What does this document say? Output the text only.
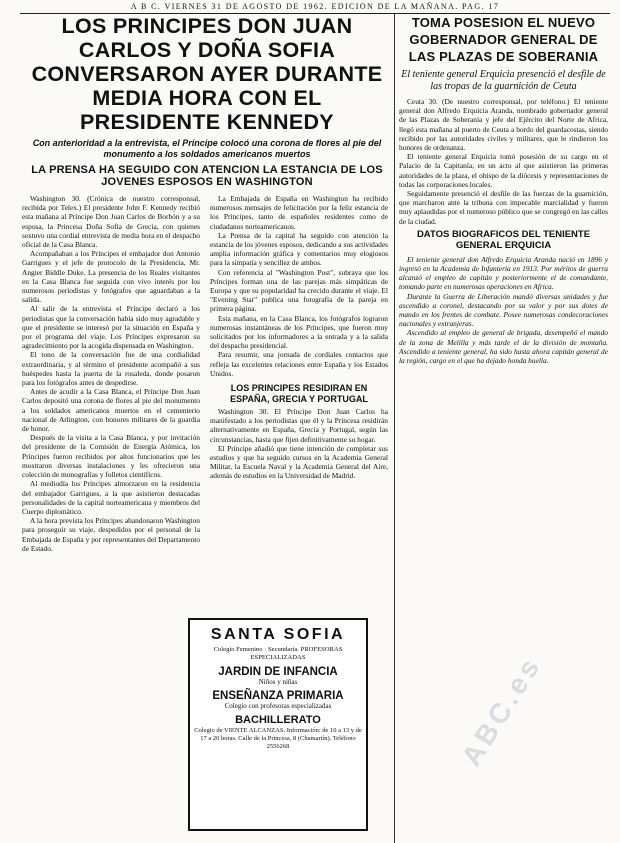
A B C. VIERNES 31 DE AGOSTO DE 1962. EDICION DE LA MAÑANA. PAG. 17
LOS PRINCIPES DON JUAN CARLOS Y DOÑA SOFIA CONVERSARON AYER DURANTE MEDIA HORA CON EL PRESIDENTE KENNEDY
Con anterioridad a la entrevista, el Príncipe colocó una corona de flores al pie del monumento a los soldados americanos muertos
LA PRENSA HA SEGUIDO CON ATENCION LA ESTANCIA DE LOS JOVENES ESPOSOS EN WASHINGTON

Washington 30. (Crónica de nuestro corresponsal, recibida por Telex.) El presidente John F. Kennedy recibió esta mañana al Príncipe Don Juan Carlos de Borbón y a su esposa, la Princesa Doña Sofía de Grecia, con quienes sostuvo una cordial entrevista de media hora en el despacho oficial de la Casa Blanca.

Acompañaban a los Príncipes el embajador don Antonio Garrigues y el jefe de protocolo de la Presidencia, Mr. Angier Biddle Duke. La presencia de los Reales visitantes en la Casa Blanca fue seguida con vivo interés por los numerosos periodistas y fotógrafos que aguardaban a la salida.

Al salir de la entrevista el Príncipe declaró a los periodistas que la conversación había sido muy agradable y que el presidente se interesó por la situación en España y por el programa del viaje. Los Príncipes expresaron su agradecimiento por la acogida dispensada en Washington.

El tono de la conversación fue de una cordialidad extraordinaria, y al término el presidente acompañó a sus huéspedes hasta la puerta de la rosaleda, donde posaron para los fotógrafos antes de despedirse.

Antes de acudir a la Casa Blanca, el Príncipe Don Juan Carlos depositó una corona de flores al pie del monumento a los soldados americanos muertos en el cementerio nacional de Arlington, con honores militares de la guardia de honor.

Después de la visita a la Casa Blanca, y por invitación del presidente de la Comisión de Energía Atómica, los Príncipes fueron recibidos por altos funcionarios que les mostraron diversas instalaciones y les ofrecieron una colección de monografías y folletos científicos.

Al mediodía los Príncipes almorzaron en la residencia del embajador Garrigues, a la que asistieron destacadas personalidades de la capital norteamericana y miembros del Cuerpo diplomático.

A la hora prevista los Príncipes abandonaron Washington para proseguir su viaje, despedidos por el personal de la Embajada de España y por representantes del Departamento de Estado.

La Embajada de España en Washington ha recibido numerosos mensajes de felicitación por la feliz estancia de los Príncipes, tanto de españoles residentes como de ciudadanos norteamericanos.

La Prensa de la capital ha seguido con atención la estancia de los jóvenes esposos, dedicando a sus actividades amplia información gráfica y comentarios muy elogiosos para la simpatía y sencillez de ambos.

Con referencia al "Washington Post", subraya que los Príncipes forman una de las parejas más simpáticas de Europa y que su popularidad ha crecido durante el viaje. El "Evening Star" publica una fotografía de la pareja en primera página.

Esta mañana, en la Casa Blanca, los fotógrafos lograron numerosas instantáneas de los Príncipes, que fueron muy solicitados por los informadores a la entrada y a la salida del despacho presidencial.

Para resumir, una jornada de cordiales contactos que refleja las excelentes relaciones entre España y los Estados Unidos.

LOS PRINCIPES RESIDIRAN EN ESPAÑA, GRECIA Y PORTUGAL

Washington 30. El Príncipe Don Juan Carlos ha manifestado a los periodistas que él y la Princesa residirán alternativamente en España, Grecia y Portugal, según las circunstancias, hasta que fijen definitivamente su hogar.

El Príncipe añadió que tiene intención de completar sus estudios y que ha seguido cursos en la Academia General Militar, la Escuela Naval y la Academia General del Aire, además de estudios en la Universidad de Madrid.

SANTA SOFIA
Colegio Femenino · Secundaria. PROFESORAS ESPECIALIZADAS
JARDIN DE INFANCIA
Niños y niñas
ENSEÑANZA PRIMARIA
Colegio con profesoras especializadas
BACHILLERATO
Colegio de VIENTE ALCANZAS. Información: de 10 a 13 y de 17 a 20 horas. Calle de la Princesa, 8 (Chamartín). Teléfono 2556268
TOMA POSESION EL NUEVO GOBERNADOR GENERAL DE LAS PLAZAS DE SOBERANIA
El teniente general Erquicia presenció el desfile de las tropas de la guarnición de Ceuta

Ceuta 30. (De nuestro corresponsal, por teléfono.) El teniente general don Alfredo Erquicia Aranda, nombrado gobernador general de las Plazas de Soberanía y jefe del Ejército del Norte de Africa, llegó esta mañana al puerto de Ceuta a bordo del guardacostas, siendo recibido por las autoridades civiles y militares, que le rindieron los honores de ordenanza.

El teniente general Erquicia tomó posesión de su cargo en el Palacio de la Capitanía, en un acto al que asistieron las primeras autoridades de la plaza, el obispo de la diócesis y representaciones de todas las corporaciones locales.

Seguidamente presenció el desfile de las fuerzas de la guarnición, que marcharon ante la tribuna con impecable marcialidad y fueron muy aplaudidas por el numeroso público que se congregó en las calles de la ciudad.

DATOS BIOGRAFICOS DEL TENIENTE GENERAL ERQUICIA

El teniente general don Alfredo Erquicia Aranda nació en 1896 y ingresó en la Academia de Infantería en 1913. Por méritos de guerra alcanzó el empleo de capitán y posteriormente el de comandante, tomando parte en numerosas operaciones en Africa.

Durante la Guerra de Liberación mandó diversas unidades y fue ascendido a coronel, destacando por su valor y por sus dotes de mando en los frentes de combate. Posee numerosas condecoraciones nacionales y extranjeras.

Ascendido al empleo de general de brigada, desempeñó el mando de la zona de Melilla y más tarde el de la división de montaña. Ascendido a teniente general, ha sido hasta ahora capitán general de la región, cargo en el que ha dejado honda huella.

ABC.es
